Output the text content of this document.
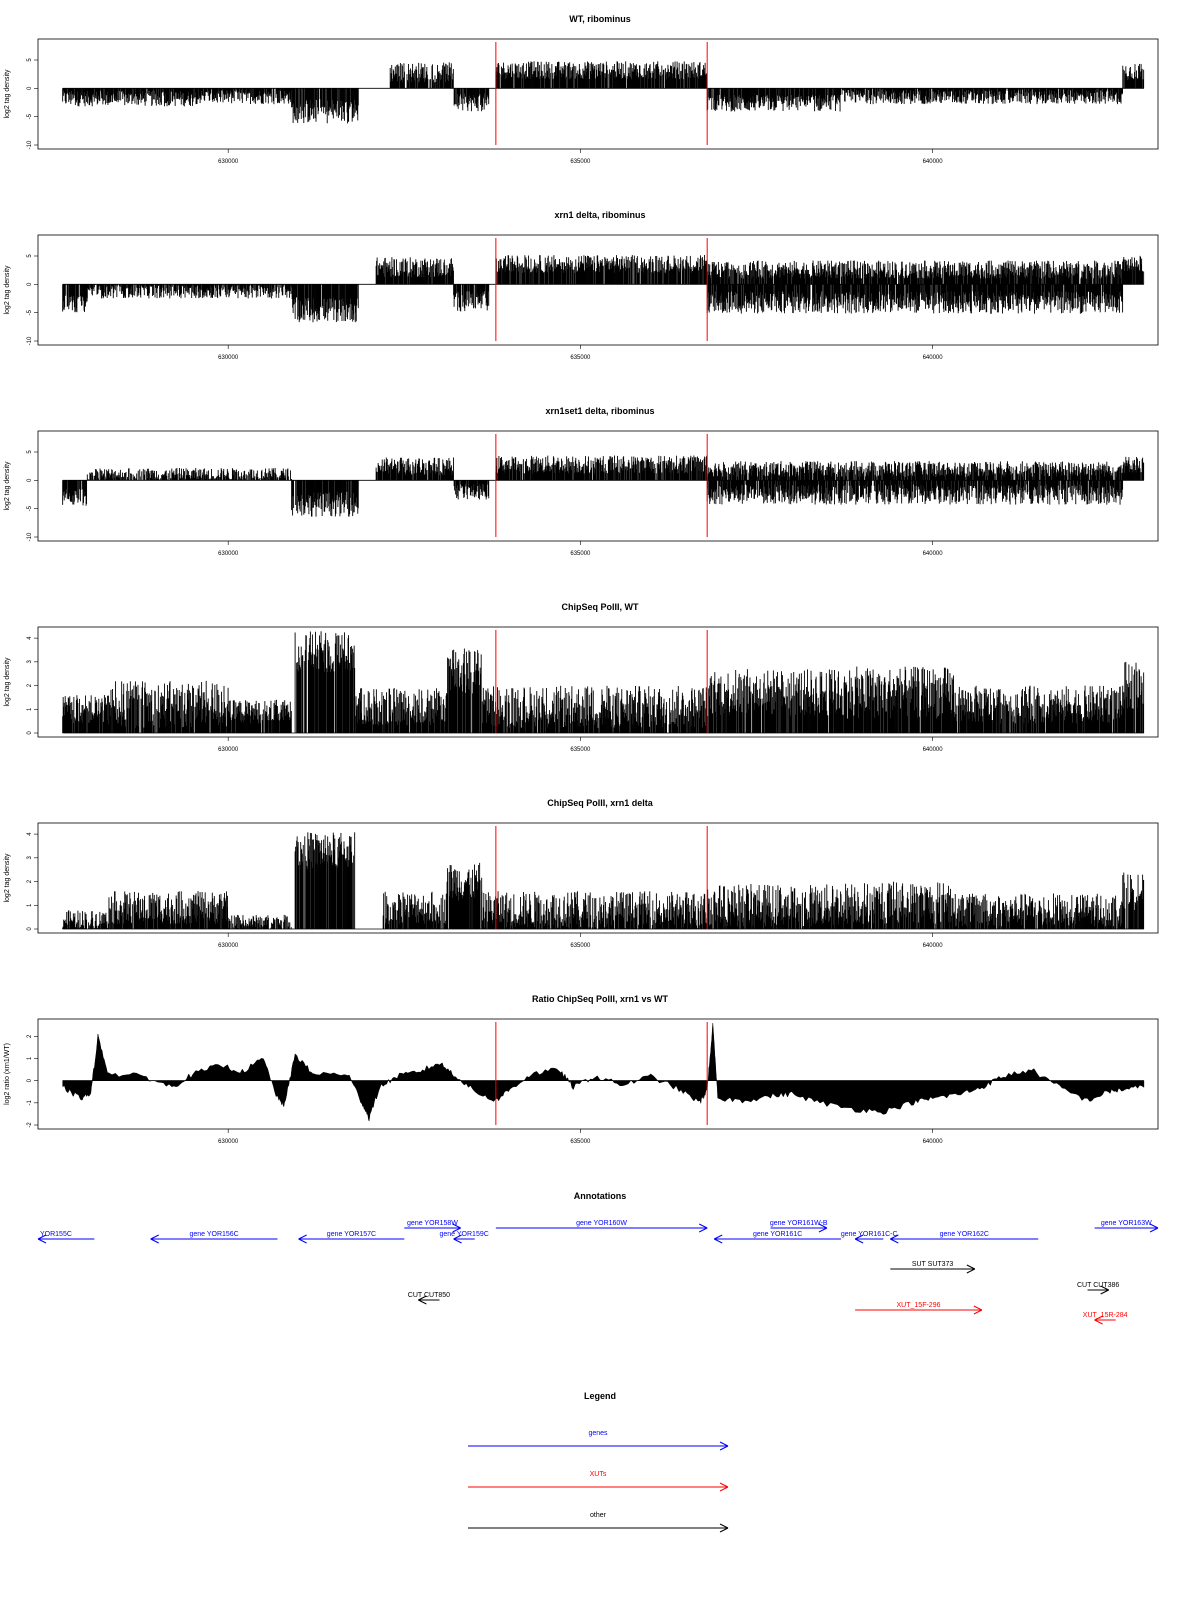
WT, ribominus
log2 tag density
5
0
-5
-10
630000	635000	640000
xrn1 delta, ribominus
log2 tag density
5
0
-5
-10
630000	635000	640000
xrn1set1 delta, ribominus
log2 tag density
5
0
-5
-10
630000	635000	640000
ChipSeq PolII, WT
log2 tag density
4
3
2
1
0
630000	635000	640000
ChipSeq PolII, xrn1 delta
log2 tag density
4
3
2
1
0
630000	635000	640000
Ratio ChipSeq PolII, xrn1 vs WT
log2 ratio (xrn1/WT)
2
1
0
-1
-2
630000	635000	640000
Annotations
YOR155C	gene YOR156C	gene YOR157C
gene YOR158W
gene YOR159C
gene YOR160W	gene YOR161W-B
gene YOR161C	gene YOR161C-C	gene YOR162C
gene YOR163W
SUT SUT373
CUT CUT386
CUT CUT850
XUT_15F-296
XUT_15R-284
Legend
genes
XUTs
other
